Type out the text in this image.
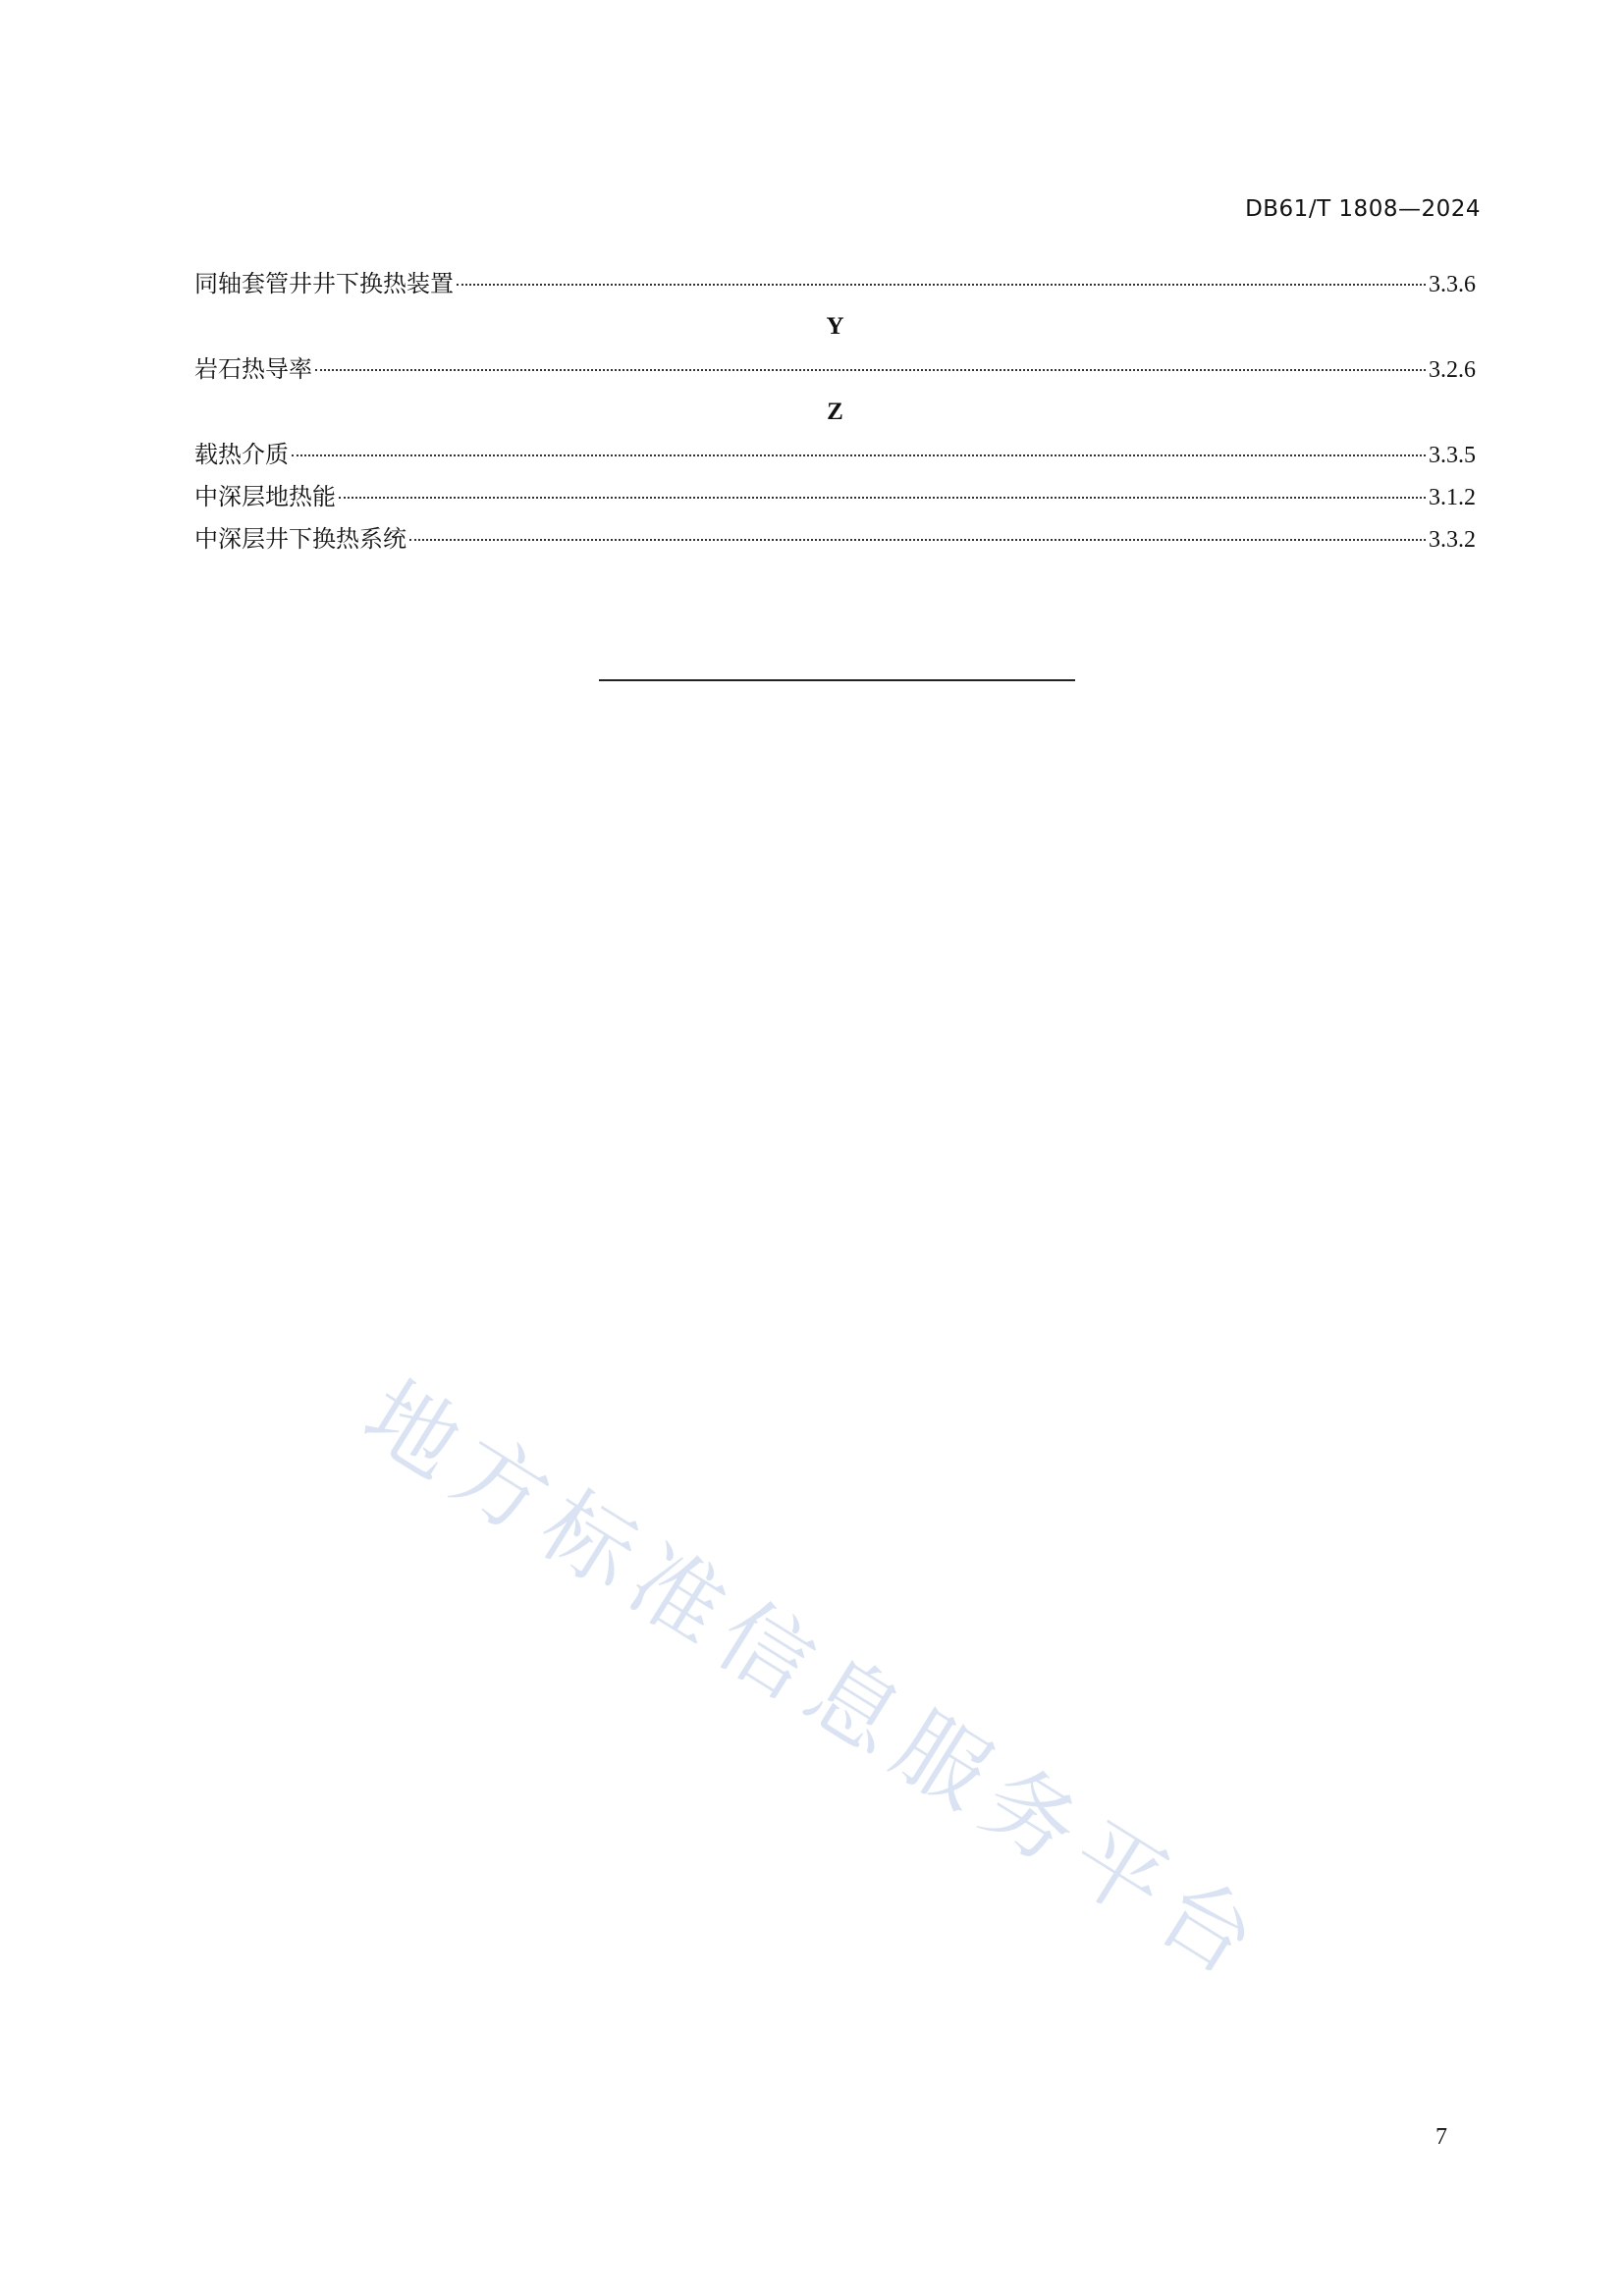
DB61/T 1808—2024
同轴套管井井下换热装置	3.3.6
Y
岩石热导率	3.2.6
Z
载热介质	3.3.5
中深层地热能	3.1.2
中深层井下换热系统	3.3.2
地方标准信息服务平台
7
